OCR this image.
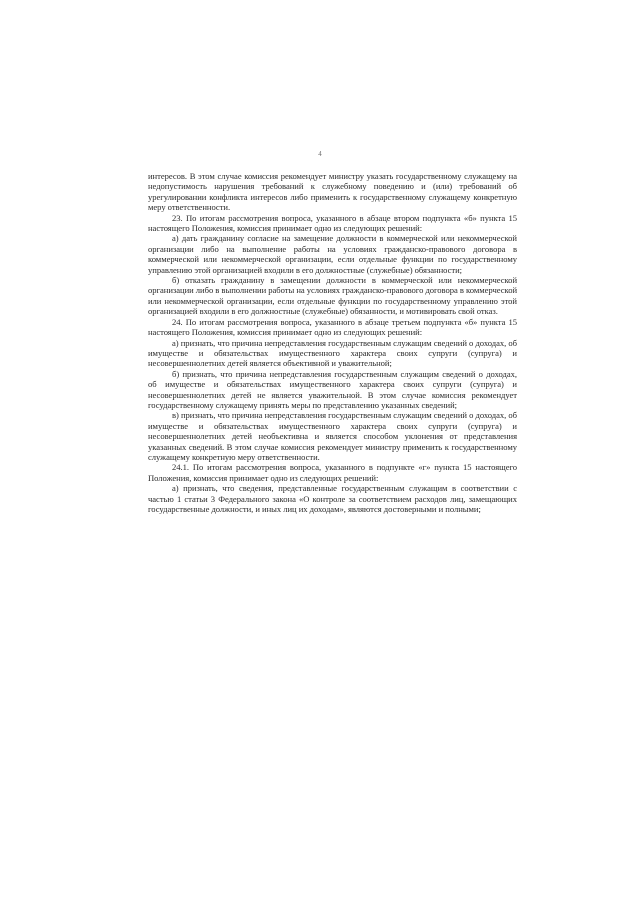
4

интересов. В этом случае комиссия рекомендует министру указать государственному служащему на недопустимость нарушения требований к служебному поведению и (или) требований об урегулировании конфликта интересов либо применить к государственному служащему конкретную меру ответственности.

23. По итогам рассмотрения вопроса, указанного в абзаце втором подпункта «б» пункта 15 настоящего Положения, комиссия принимает одно из следующих решений:

а) дать гражданину согласие на замещение должности в коммерческой или некоммерческой организации либо на выполнение работы на условиях гражданско-правового договора в коммерческой или некоммерческой организации, если отдельные функции по государственному управлению этой организацией входили в его должностные (служебные) обязанности;

б) отказать гражданину в замещении должности в коммерческой или некоммерческой организации либо в выполнении работы на условиях гражданско-правового договора в коммерческой или некоммерческой организации, если отдельные функции по государственному управлению этой организацией входили в его должностные (служебные) обязанности, и мотивировать свой отказ.

24. По итогам рассмотрения вопроса, указанного в абзаце третьем подпункта «б» пункта 15 настоящего Положения, комиссия принимает одно из следующих решений:

а) признать, что причина непредставления государственным служащим сведений о доходах, об имуществе и обязательствах имущественного характера своих супруги (супруга) и несовершеннолетних детей является объективной и уважительной;

б) признать, что причина непредставления государственным служащим сведений о доходах, об имуществе и обязательствах имущественного характера своих супруги (супруга) и несовершеннолетних детей не является уважительной. В этом случае комиссия рекомендует государственному служащему принять меры по представлению указанных сведений;

в) признать, что причина непредставления государственным служащим сведений о доходах, об имуществе и обязательствах имущественного характера своих супруги (супруга) и несовершеннолетних детей необъективна и является способом уклонения от представления указанных сведений. В этом случае комиссия рекомендует министру применить к государственному служащему конкретную меру ответственности.

24.1. По итогам рассмотрения вопроса, указанного в подпункте «г» пункта 15 настоящего Положения, комиссия принимает одно из следующих решений:

а) признать, что сведения, представленные государственным служащим в соответствии с частью 1 статьи 3 Федерального закона «О контроле за соответствием расходов лиц, замещающих государственные должности, и иных лиц их доходам», являются достоверными и полными;
